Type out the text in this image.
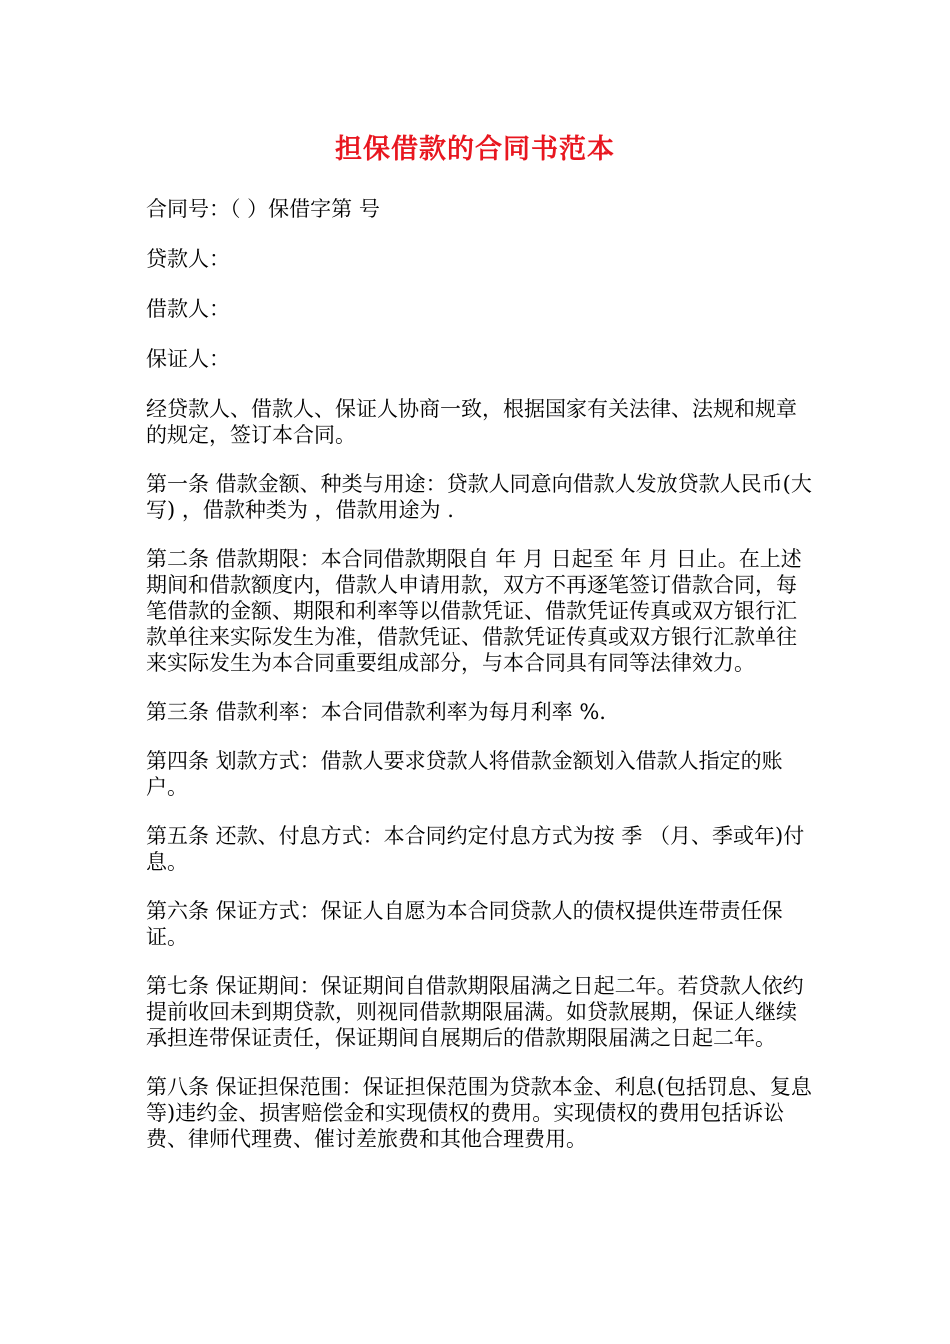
担保借款的合同书范本

合同号：（ ）保借字第 号

贷款人：

借款人：

保证人：

经贷款人、借款人、保证人协商一致，根据国家有关法律、法规和规章的规定，签订本合同。

第一条 借款金额、种类与用途：贷款人同意向借款人发放贷款人民币(大写) ，借款种类为 ，借款用途为 .

第二条 借款期限：本合同借款期限自 年 月 日起至 年 月 日止。在上述期间和借款额度内，借款人申请用款，双方不再逐笔签订借款合同，每笔借款的金额、期限和利率等以借款凭证、借款凭证传真或双方银行汇款单往来实际发生为准，借款凭证、借款凭证传真或双方银行汇款单往来实际发生为本合同重要组成部分，与本合同具有同等法律效力。

第三条 借款利率：本合同借款利率为每月利率 %.

第四条 划款方式：借款人要求贷款人将借款金额划入借款人指定的账户。

第五条 还款、付息方式：本合同约定付息方式为按 季 （月、季或年)付息。

第六条 保证方式：保证人自愿为本合同贷款人的债权提供连带责任保证。

第七条 保证期间：保证期间自借款期限届满之日起二年。若贷款人依约提前收回未到期贷款，则视同借款期限届满。如贷款展期，保证人继续承担连带保证责任，保证期间自展期后的借款期限届满之日起二年。

第八条 保证担保范围：保证担保范围为贷款本金、利息(包括罚息、复息等)违约金、损害赔偿金和实现债权的费用。实现债权的费用包括诉讼费、律师代理费、催讨差旅费和其他合理费用。
